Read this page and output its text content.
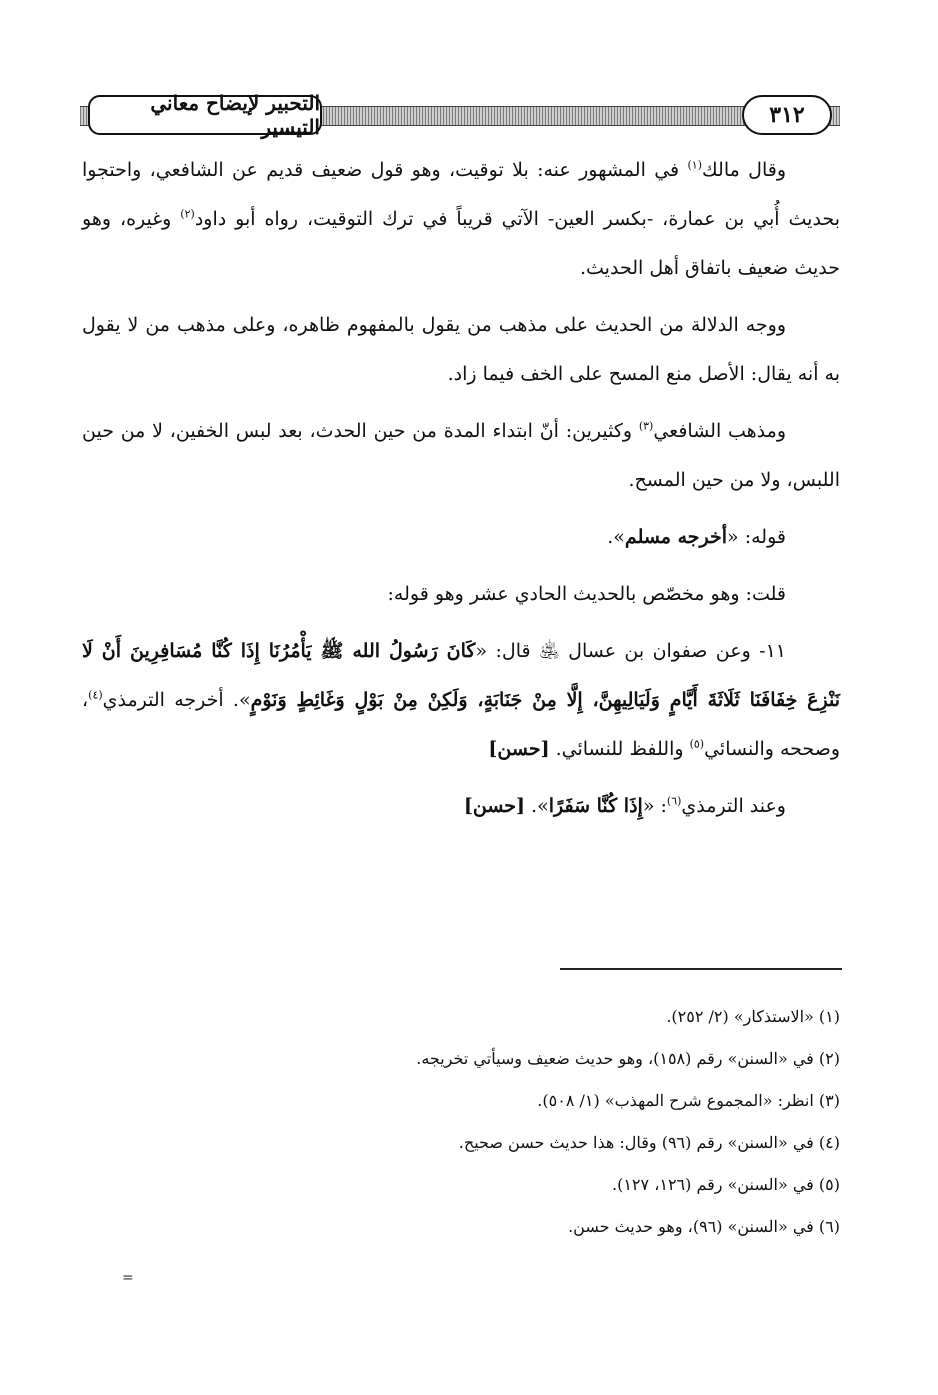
التحبير لإيضاح معاني التيسير	٣١٢

وقال مالك$^{(١)}$ في المشهور عنه: بلا توقيت، وهو قول ضعيف قديم عن الشافعي، واحتجوا بحديث أُبي بن عمارة، -بكسر العين- الآتي قريباً في ترك التوقيت، رواه أبو داود$^{(٢)}$ وغيره، وهو حديث ضعيف باتفاق أهل الحديث.

ووجه الدلالة من الحديث على مذهب من يقول بالمفهوم ظاهره، وعلى مذهب من لا يقول به أنه يقال: الأصل منع المسح على الخف فيما زاد.

ومذهب الشافعي$^{(٣)}$ وكثيرين: أنّ ابتداء المدة من حين الحدث، بعد لبس الخفين، لا من حين اللبس، ولا من حين المسح.

قوله: «أخرجه مسلم».

قلت: وهو مخصّص بالحديث الحادي عشر وهو قوله:

١١- وعن صفوان بن عسال ﵁ قال: «كَانَ رَسُولُ الله ﷺ يَأْمُرُنَا إِذَا كُنَّا مُسَافِرِينَ أَنْ لَا نَنْزِعَ خِفَافَنَا ثَلَاثَةَ أَيَّامٍ وَلَيَالِيهِنَّ، إِلَّا مِنْ جَنَابَةٍ، وَلَكِنْ مِنْ بَوْلٍ وَغَائِطٍ وَنَوْمٍ». أخرجه الترمذي$^{(٤)}$، وصححه والنسائي$^{(٥)}$ واللفظ للنسائي. [حسن]

وعند الترمذي$^{(٦)}$: «إِذَا كُنَّا سَفَرًا». [حسن]

(١) «الاستذكار» (٢/ ٢٥٢).
(٢) في «السنن» رقم (١٥٨)، وهو حديث ضعيف وسيأتي تخريجه.
(٣) انظر: «المجموع شرح المهذب» (١/ ٥٠٨).
(٤) في «السنن» رقم (٩٦) وقال: هذا حديث حسن صحيح.
(٥) في «السنن» رقم (١٢٦، ١٢٧).
(٦) في «السنن» (٩٦)، وهو حديث حسن.
=
